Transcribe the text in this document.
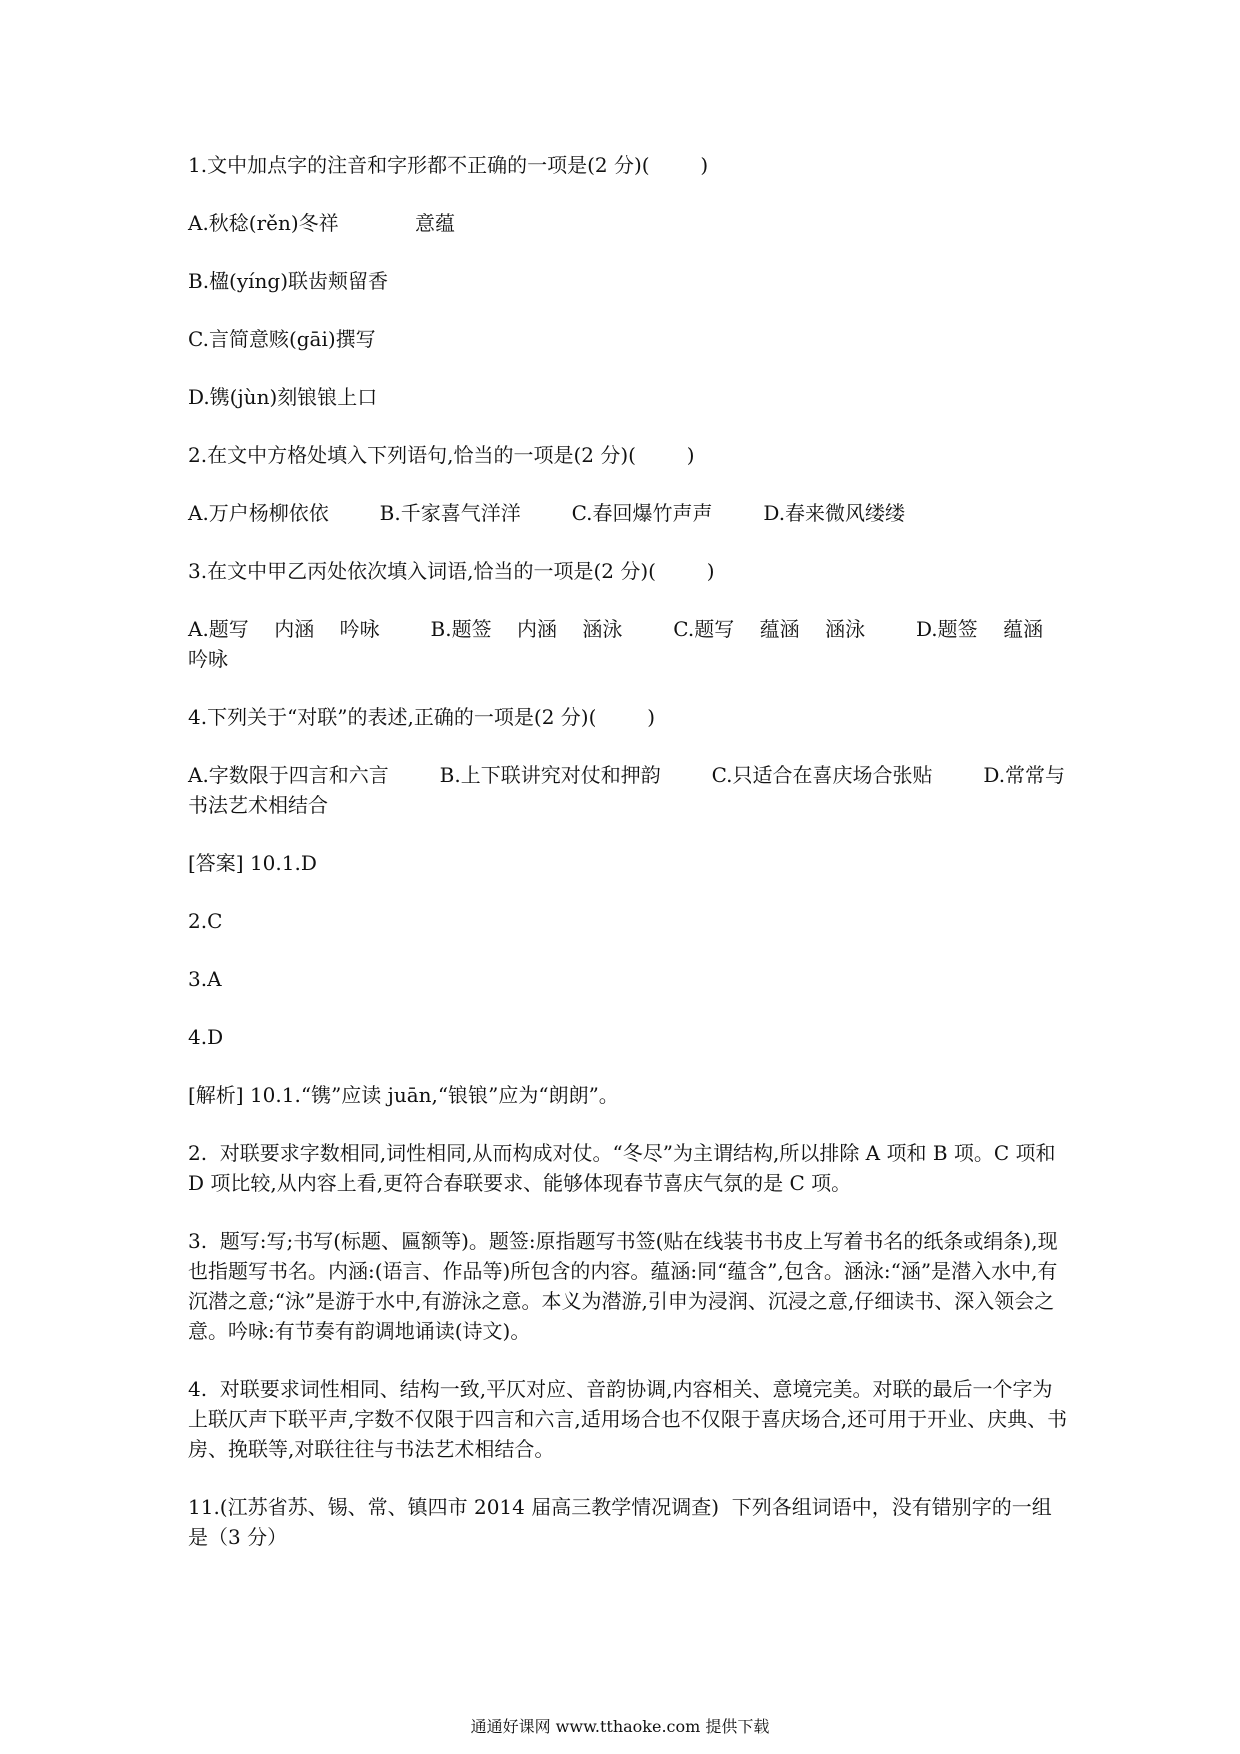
1.文中加点字的注音和字形都不正确的一项是(2 分)(        )

A.秋稔(rěn)冬祥            意蕴

B.楹(yíng)联齿颊留香

C.言简意赅(gāi)撰写

D.镌(jùn)刻锒锒上口

2.在文中方格处填入下列语句,恰当的一项是(2 分)(        )

A.万户杨柳依依        B.千家喜气洋洋        C.春回爆竹声声        D.春来微风缕缕

3.在文中甲乙丙处依次填入词语,恰当的一项是(2 分)(        )

A.题写    内涵    吟咏        B.题签    内涵    涵泳        C.题写    蕴涵    涵泳        D.题签    蕴涵    吟咏

4.下列关于“对联”的表述,正确的一项是(2 分)(        )

A.字数限于四言和六言        B.上下联讲究对仗和押韵        C.只适合在喜庆场合张贴        D.常常与书法艺术相结合

[答案] 10.1.D

2.C

3.A

4.D

[解析] 10.1.“镌”应读 juān,“锒锒”应为“朗朗”。

2.  对联要求字数相同,词性相同,从而构成对仗。“冬尽”为主谓结构,所以排除 A 项和 B 项。C 项和 D 项比较,从内容上看,更符合春联要求、能够体现春节喜庆气氛的是 C 项。

3.  题写:写;书写(标题、匾额等)。题签:原指题写书签(贴在线装书书皮上写着书名的纸条或绢条),现也指题写书名。内涵:(语言、作品等)所包含的内容。蕴涵:同“蕴含”,包含。涵泳:“涵”是潜入水中,有沉潜之意;“泳”是游于水中,有游泳之意。本义为潜游,引申为浸润、沉浸之意,仔细读书、深入领会之意。吟咏:有节奏有韵调地诵读(诗文)。

4.  对联要求词性相同、结构一致,平仄对应、音韵协调,内容相关、意境完美。对联的最后一个字为上联仄声下联平声,字数不仅限于四言和六言,适用场合也不仅限于喜庆场合,还可用于开业、庆典、书房、挽联等,对联往往与书法艺术相结合。

11.(江苏省苏、锡、常、镇四市 2014 届高三教学情况调查)  下列各组词语中，没有错别字的一组是（3 分）

通通好课网 www.tthaoke.com 提供下载
